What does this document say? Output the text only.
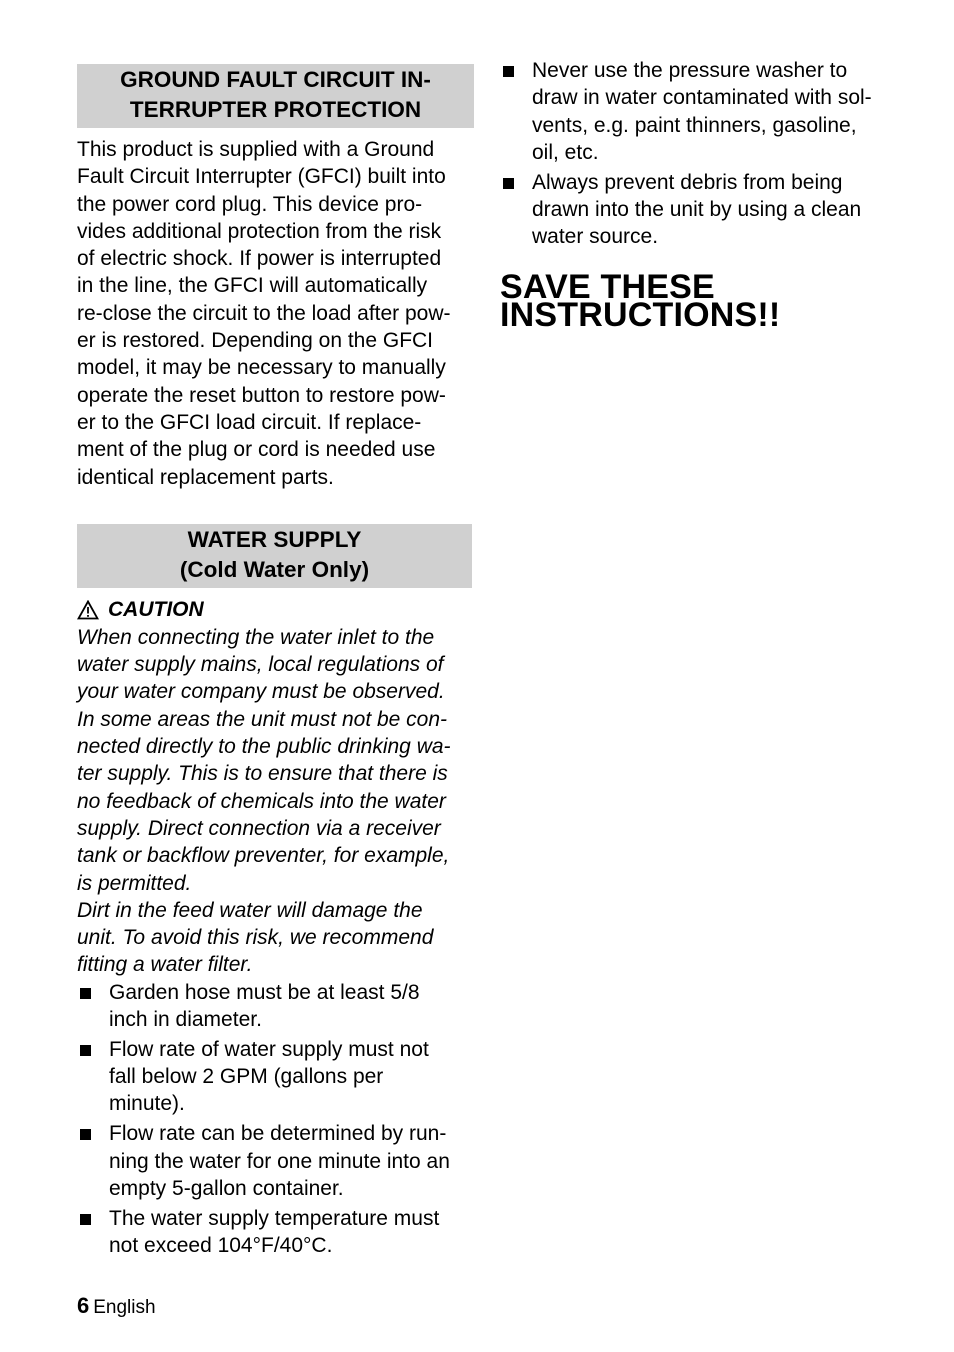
GROUND FAULT CIRCUIT IN-
TERRUPTER PROTECTION

This product is supplied with a Ground
Fault Circuit Interrupter (GFCI) built into
the power cord plug. This device pro-
vides additional protection from the risk
of electric shock. If power is interrupted
in the line, the GFCI will automatically
re-close the circuit to the load after pow-
er is restored. Depending on the GFCI
model, it may be necessary to manually
operate the reset button to restore pow-
er to the GFCI load circuit. If replace-
ment of the plug or cord is needed use
identical replacement parts.

WATER SUPPLY
(Cold Water Only)
CAUTION

When connecting the water inlet to the
water supply mains, local regulations of
your water company must be observed.
In some areas the unit must not be con-
nected directly to the public drinking wa-
ter supply. This is to ensure that there is
no feedback of chemicals into the water
supply. Direct connection via a receiver
tank or backflow preventer, for example,
is permitted.
Dirt in the feed water will damage the
unit. To avoid this risk, we recommend
fitting a water filter.

Garden hose must be at least 5/8
inch in diameter.
Flow rate of water supply must not
fall below 2 GPM (gallons per
minute).
Flow rate can be determined by run-
ning the water for one minute into an
empty 5-gallon container.
The water supply temperature must
not exceed 104°F/40°C.
Never use the pressure washer to
draw in water contaminated with sol-
vents, e.g. paint thinners, gasoline,
oil, etc.
Always prevent debris from being
drawn into the unit by using a clean
water source.
SAVE THESE
INSTRUCTIONS!!
6 English
